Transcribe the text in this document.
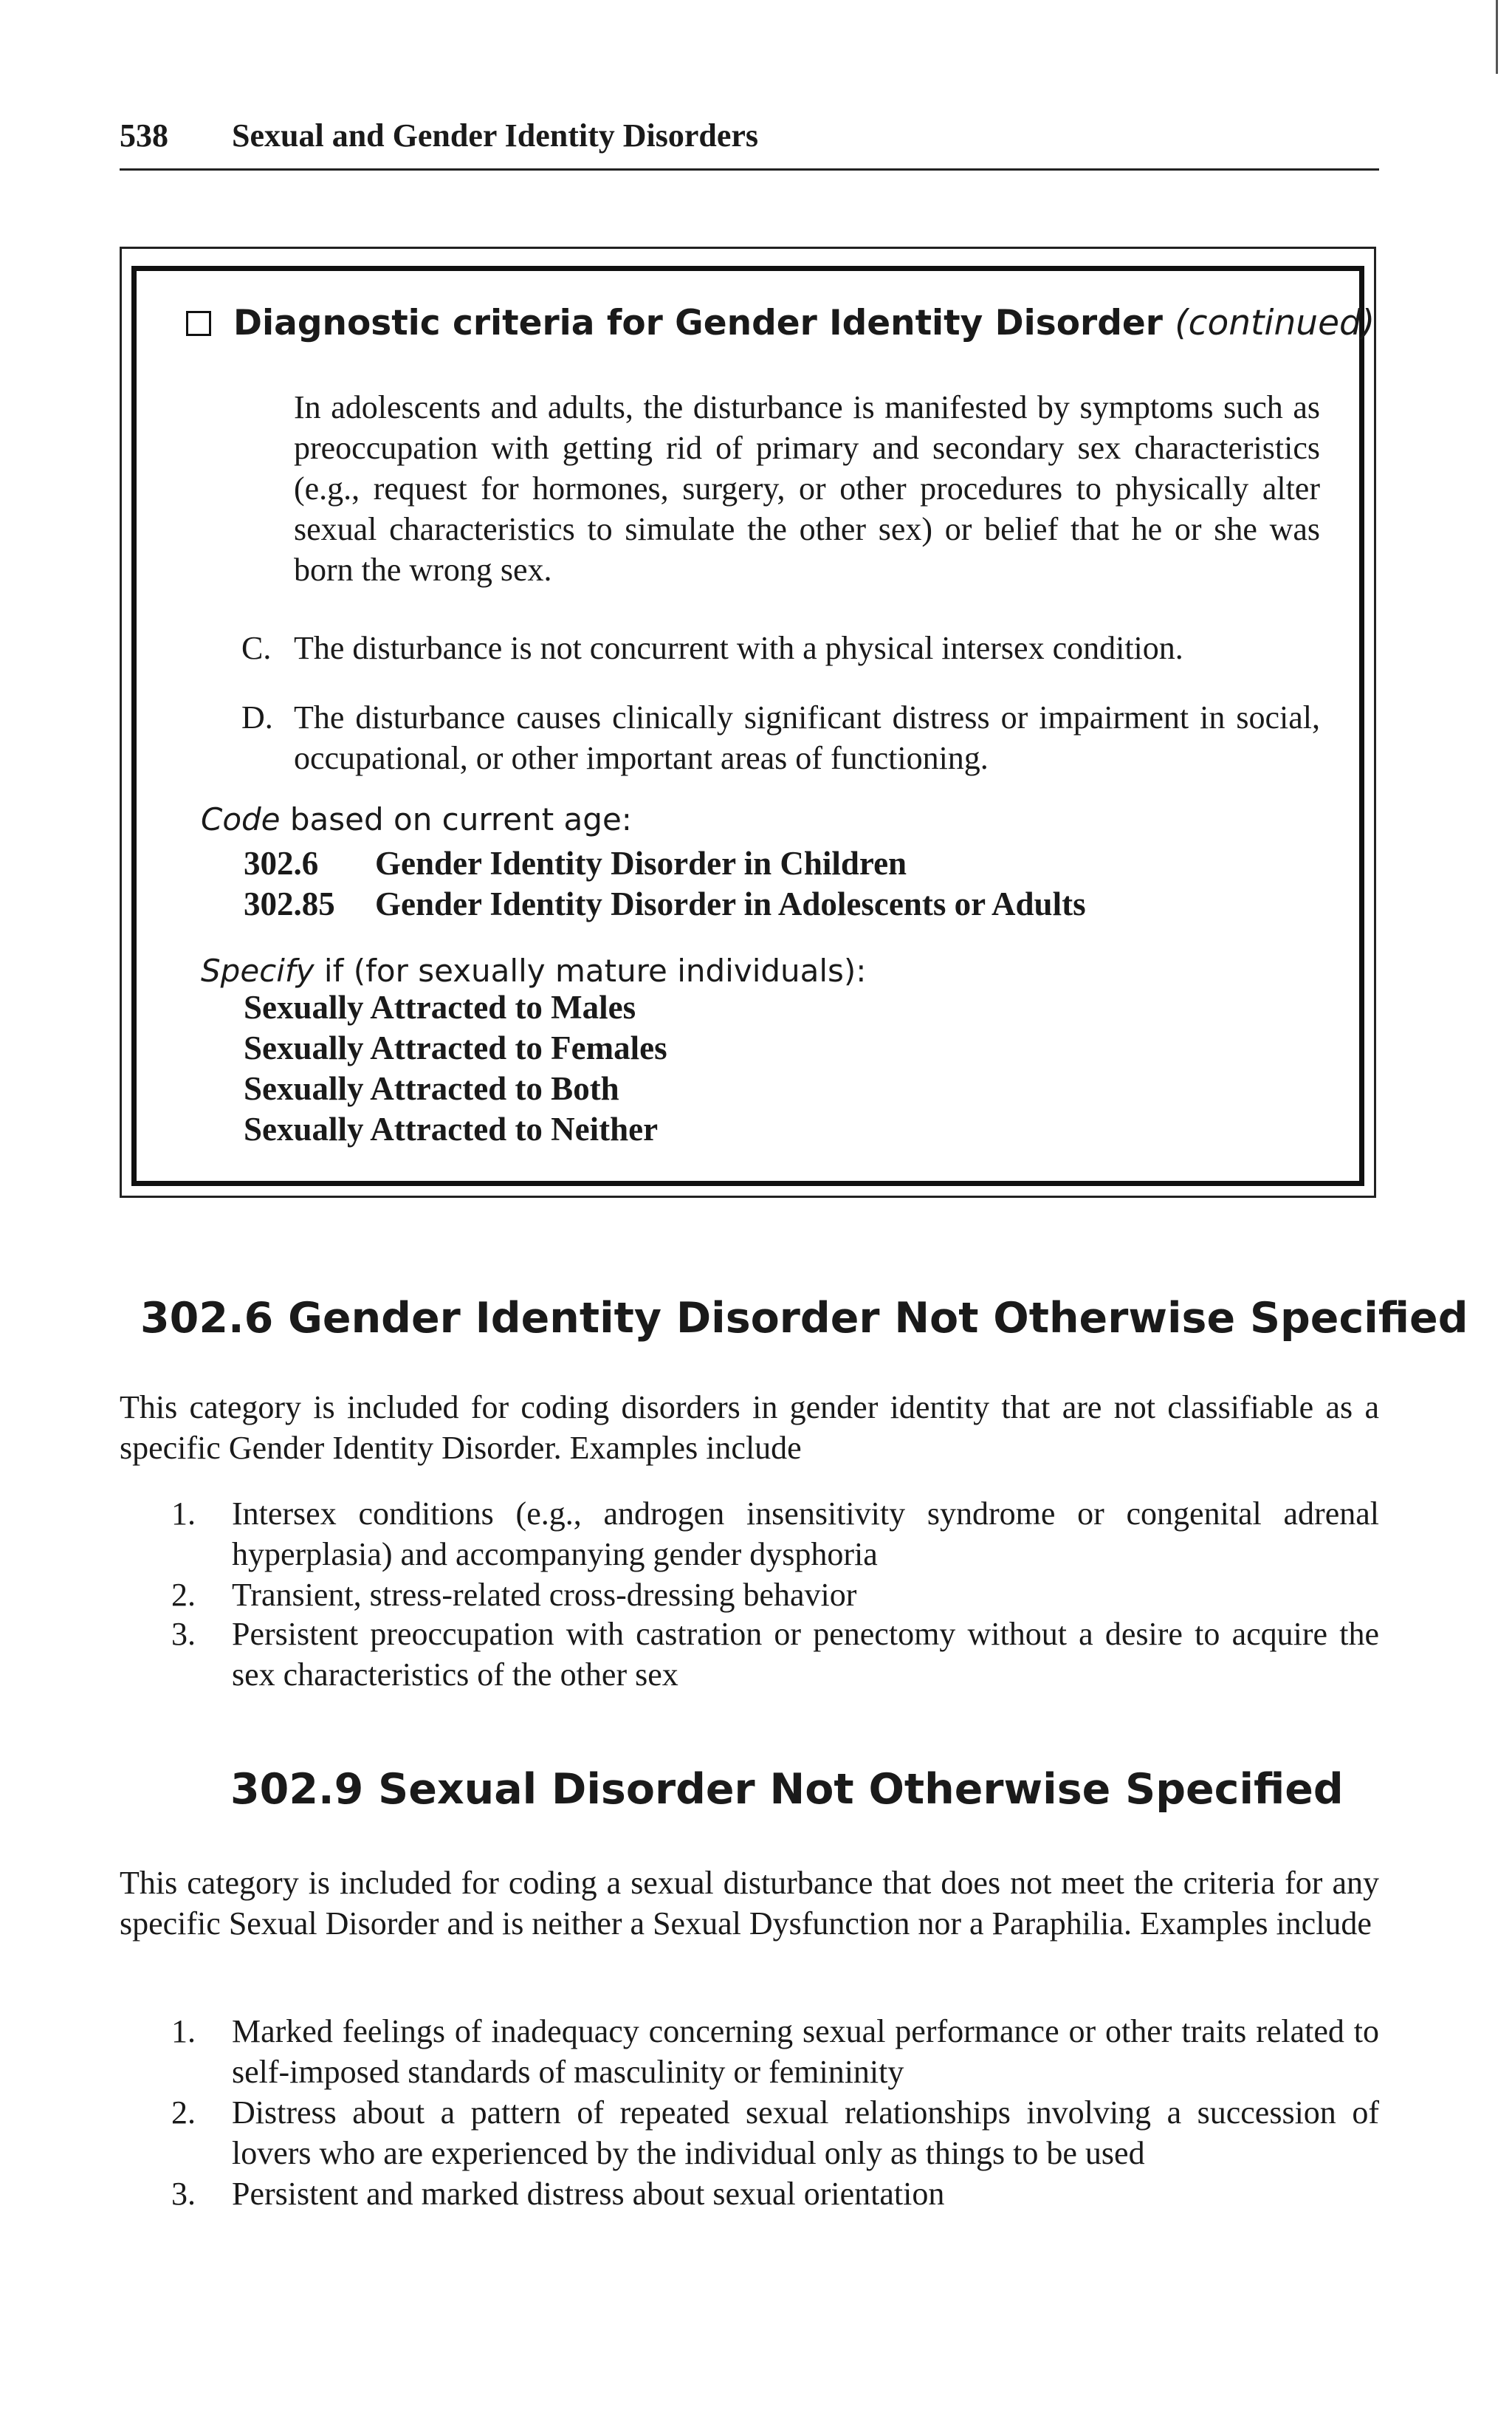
538 Sexual and Gender Identity Disorders
Diagnostic criteria for Gender Identity Disorder (continued)
In adolescents and adults, the disturbance is manifested by symptoms such as preoccupation with getting rid of primary and secondary sex characteristics (e.g., request for hormones, surgery, or other procedures to physically alter sexual characteristics to simulate the other sex) or belief that he or she was born the wrong sex.
C. The disturbance is not concurrent with a physical intersex condition.
D. The disturbance causes clinically significant distress or impairment in social, occupational, or other important areas of functioning.
Code based on current age:
302.6 Gender Identity Disorder in Children
302.85 Gender Identity Disorder in Adolescents or Adults
Specify if (for sexually mature individuals):
Sexually Attracted to Males
Sexually Attracted to Females
Sexually Attracted to Both
Sexually Attracted to Neither
302.6 Gender Identity Disorder Not Otherwise Specified
This category is included for coding disorders in gender identity that are not classifiable as a specific Gender Identity Disorder. Examples include
1. Intersex conditions (e.g., androgen insensitivity syndrome or congenital adrenal hyperplasia) and accompanying gender dysphoria
2. Transient, stress-related cross-dressing behavior
3. Persistent preoccupation with castration or penectomy without a desire to acquire the sex characteristics of the other sex
302.9 Sexual Disorder Not Otherwise Specified
This category is included for coding a sexual disturbance that does not meet the criteria for any specific Sexual Disorder and is neither a Sexual Dysfunction nor a Paraphilia. Examples include
1. Marked feelings of inadequacy concerning sexual performance or other traits related to self-imposed standards of masculinity or femininity
2. Distress about a pattern of repeated sexual relationships involving a succession of lovers who are experienced by the individual only as things to be used
3. Persistent and marked distress about sexual orientation
